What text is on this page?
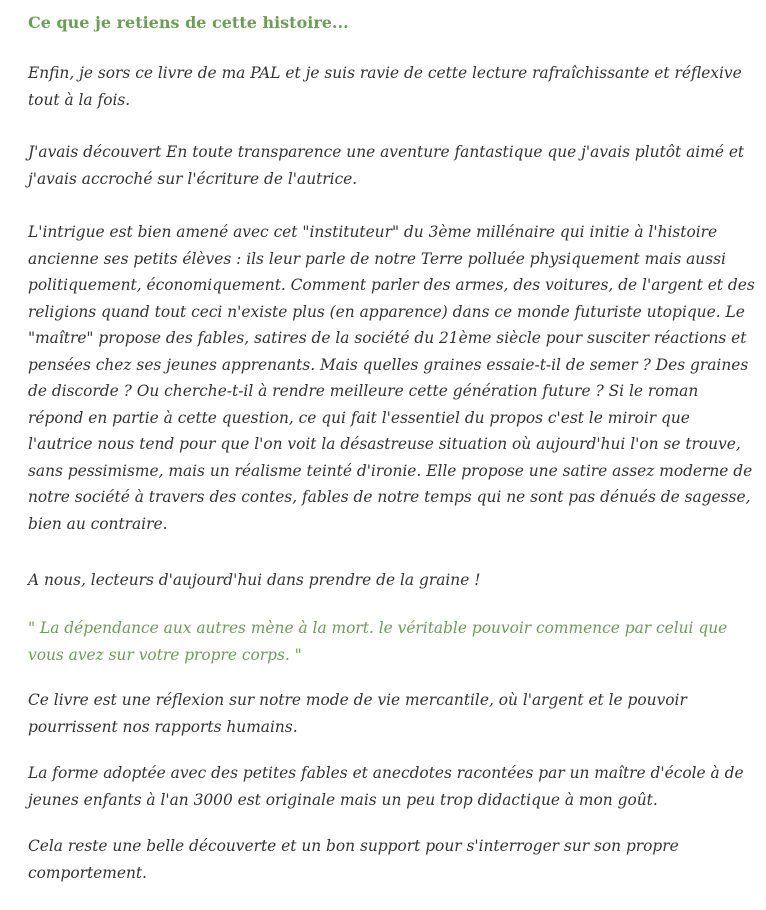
Ce que je retiens de cette histoire...

Enfin, je sors ce livre de ma PAL et je suis ravie de cette lecture rafraîchissante et réflexive tout à la fois.

J'avais découvert En toute transparence une aventure fantastique que j'avais plutôt aimé et j'avais accroché sur l'écriture de l'autrice.

L'intrigue est bien amené avec cet "instituteur" du 3ème millénaire qui initie à l'histoire ancienne ses petits élèves : ils leur parle de notre Terre polluée physiquement mais aussi politiquement, économiquement. Comment parler des armes, des voitures, de l'argent et des religions quand tout ceci n'existe plus (en apparence) dans ce monde futuriste utopique. Le "maître" propose des fables, satires de la société du 21ème siècle pour susciter réactions et pensées chez ses jeunes apprenants. Mais quelles graines essaie-t-il de semer ? Des graines de discorde ? Ou cherche-t-il à rendre meilleure cette génération future ? Si le roman répond en partie à cette question, ce qui fait l'essentiel du propos c'est le miroir que l'autrice nous tend pour que l'on voit la désastreuse situation où aujourd'hui l'on se trouve, sans pessimisme, mais un réalisme teinté d'ironie. Elle propose une satire assez moderne de notre société à travers des contes, fables de notre temps qui ne sont pas dénués de sagesse, bien au contraire.

A nous, lecteurs d'aujourd'hui dans prendre de la graine !

" La dépendance aux autres mène à la mort. le véritable pouvoir commence par celui que vous avez sur votre propre corps. "

Ce livre est une réflexion sur notre mode de vie mercantile, où l'argent et le pouvoir pourrissent nos rapports humains.

La forme adoptée avec des petites fables et anecdotes racontées par un maître d'école à de jeunes enfants à l'an 3000 est originale mais un peu trop didactique à mon goût.

Cela reste une belle découverte et un bon support pour s'interroger sur son propre comportement.
